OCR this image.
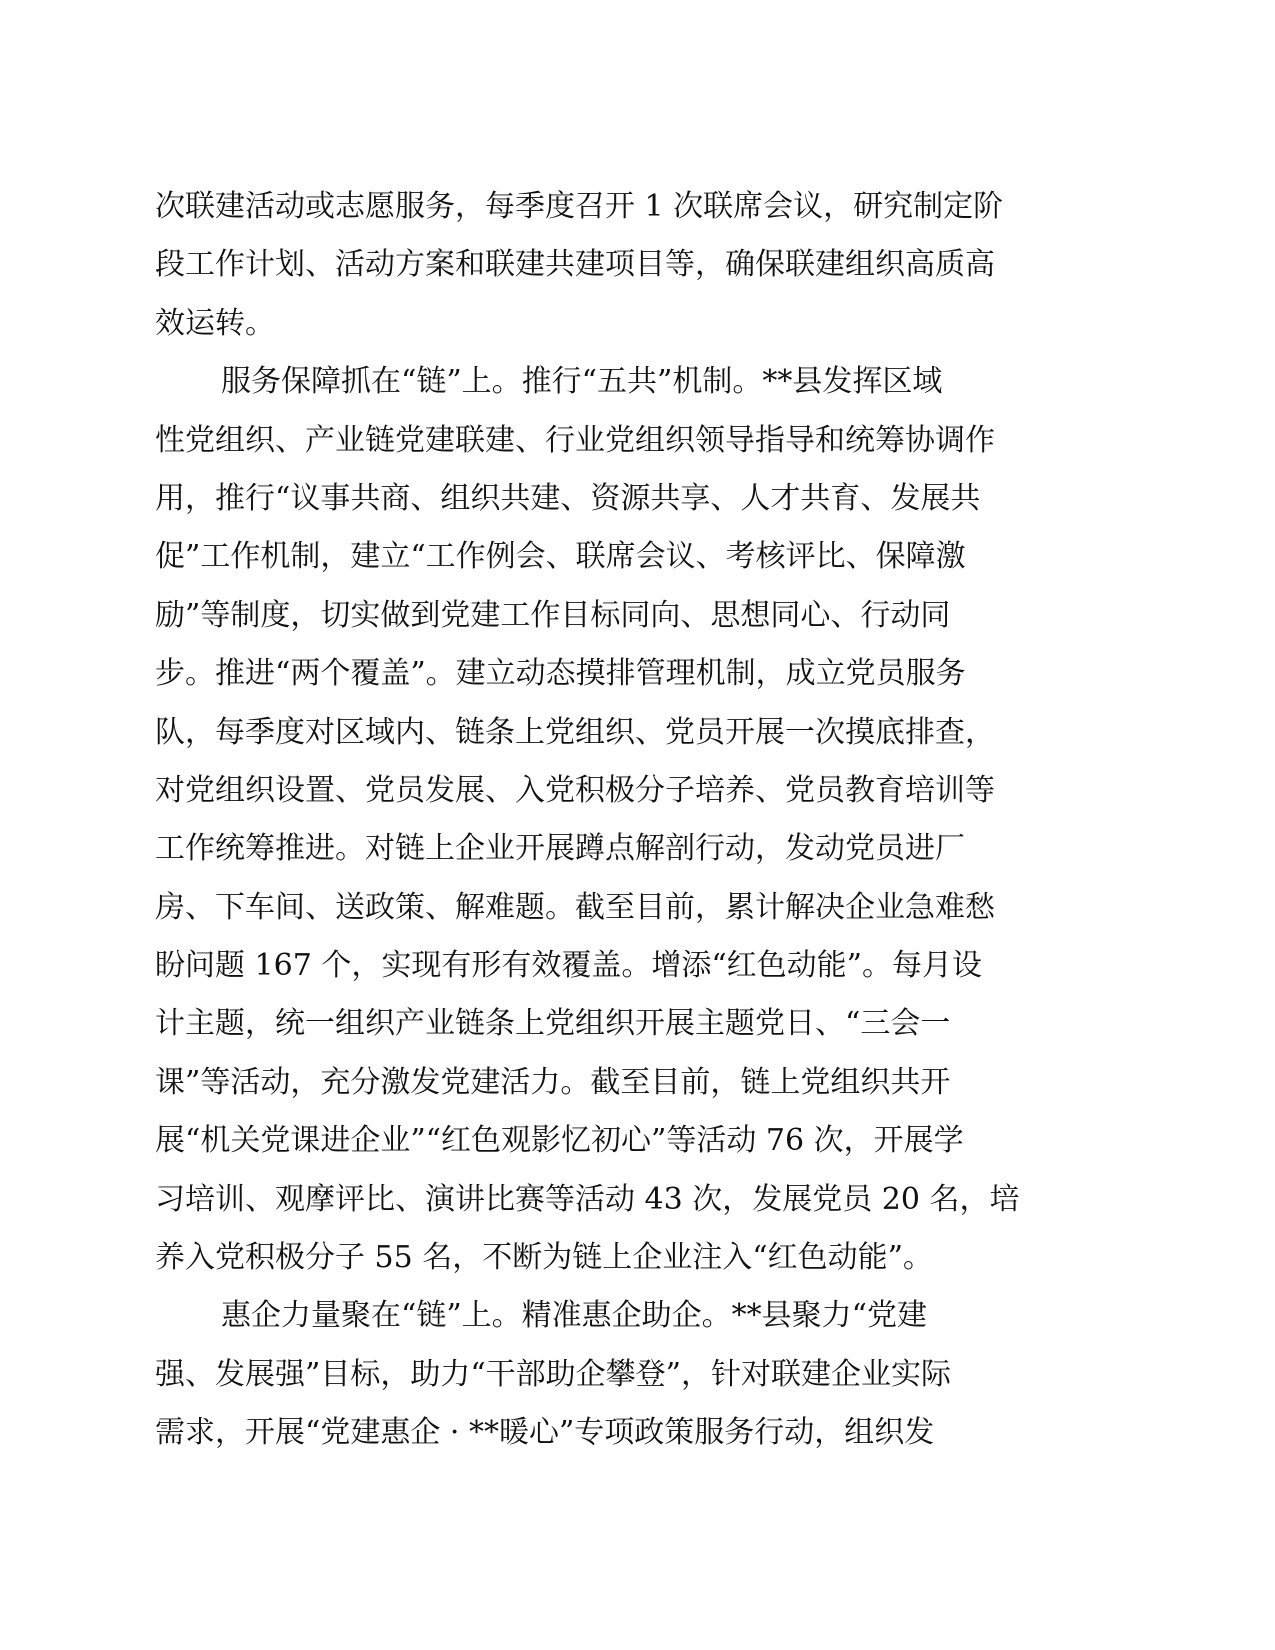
次联建活动或志愿服务，每季度召开 1 次联席会议，研究制定阶
段工作计划、活动方案和联建共建项目等，确保联建组织高质高
效运转。
服务保障抓在“链”上。推行“五共”机制。**县发挥区域
性党组织、产业链党建联建、行业党组织领导指导和统筹协调作
用，推行“议事共商、组织共建、资源共享、人才共育、发展共
促”工作机制，建立“工作例会、联席会议、考核评比、保障激
励”等制度，切实做到党建工作目标同向、思想同心、行动同
步。推进“两个覆盖”。建立动态摸排管理机制，成立党员服务
队，每季度对区域内、链条上党组织、党员开展一次摸底排查，
对党组织设置、党员发展、入党积极分子培养、党员教育培训等
工作统筹推进。对链上企业开展蹲点解剖行动，发动党员进厂
房、下车间、送政策、解难题。截至目前，累计解决企业急难愁
盼问题 167 个，实现有形有效覆盖。增添“红色动能”。每月设
计主题，统一组织产业链条上党组织开展主题党日、“三会一
课”等活动，充分激发党建活力。截至目前，链上党组织共开
展“机关党课进企业”“红色观影忆初心”等活动 76 次，开展学
习培训、观摩评比、演讲比赛等活动 43 次，发展党员 20 名，培
养入党积极分子 55 名，不断为链上企业注入“红色动能”。
惠企力量聚在“链”上。精准惠企助企。**县聚力“党建
强、发展强”目标，助力“干部助企攀登”，针对联建企业实际
需求，开展“党建惠企 · **暖心”专项政策服务行动，组织发
